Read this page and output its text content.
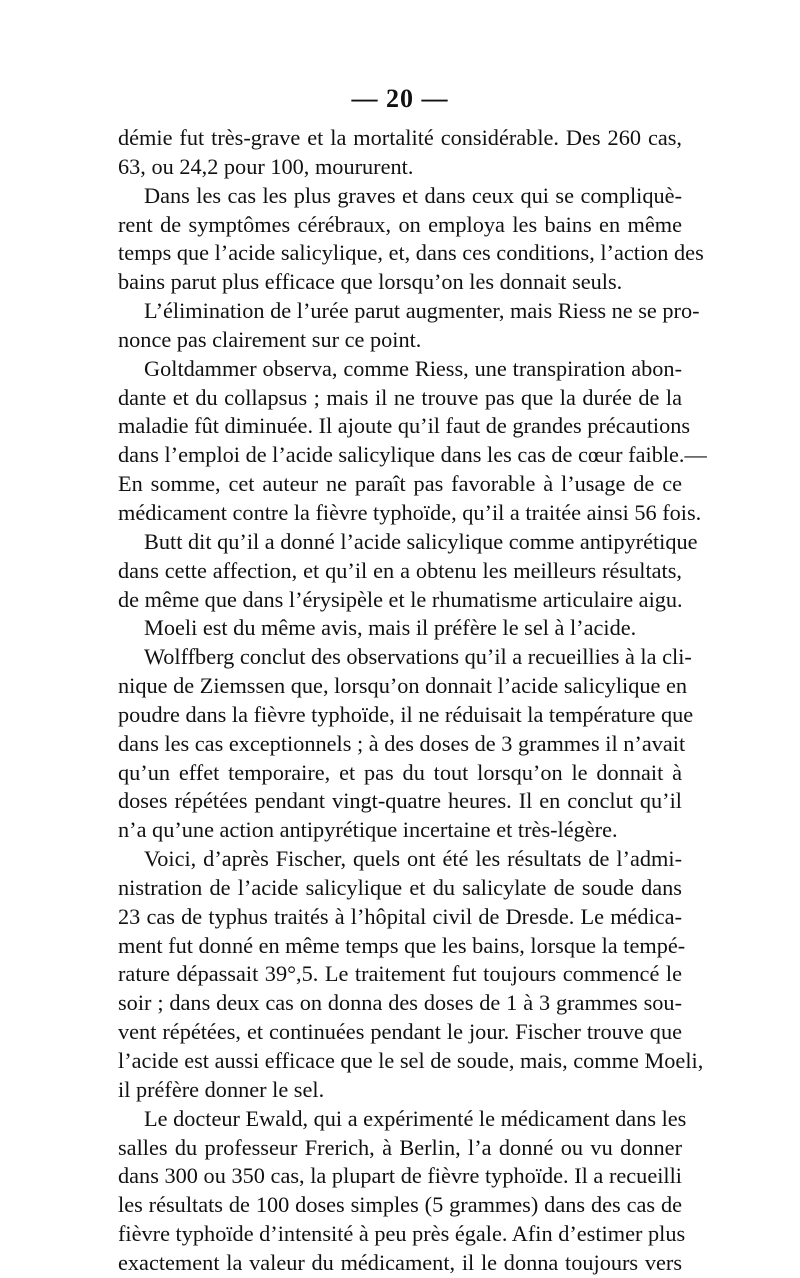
— 20 —
démie fut très-grave et la mortalité considérable. Des 260 cas,
63, ou 24,2 pour 100, moururent.
Dans les cas les plus graves et dans ceux qui se compliquè-
rent de symptômes cérébraux, on employa les bains en même
temps que l’acide salicylique, et, dans ces conditions, l’action des
bains parut plus efficace que lorsqu’on les donnait seuls.
L’élimination de l’urée parut augmenter, mais Riess ne se pro-
nonce pas clairement sur ce point.
Goltdammer observa, comme Riess, une transpiration abon-
dante et du collapsus ; mais il ne trouve pas que la durée de la
maladie fût diminuée. Il ajoute qu’il faut de grandes précautions
dans l’emploi de l’acide salicylique dans les cas de cœur faible.—
En somme, cet auteur ne paraît pas favorable à l’usage de ce
médicament contre la fièvre typhoïde, qu’il a traitée ainsi 56 fois.
Butt dit qu’il a donné l’acide salicylique comme antipyrétique
dans cette affection, et qu’il en a obtenu les meilleurs résultats,
de même que dans l’érysipèle et le rhumatisme articulaire aigu.
Moeli est du même avis, mais il préfère le sel à l’acide.
Wolffberg conclut des observations qu’il a recueillies à la cli-
nique de Ziemssen que, lorsqu’on donnait l’acide salicylique en
poudre dans la fièvre typhoïde, il ne réduisait la température que
dans les cas exceptionnels ; à des doses de 3 grammes il n’avait
qu’un effet temporaire, et pas du tout lorsqu’on le donnait à
doses répétées pendant vingt-quatre heures. Il en conclut qu’il
n’a qu’une action antipyrétique incertaine et très-légère.
Voici, d’après Fischer, quels ont été les résultats de l’admi-
nistration de l’acide salicylique et du salicylate de soude dans
23 cas de typhus traités à l’hôpital civil de Dresde. Le médica-
ment fut donné en même temps que les bains, lorsque la tempé-
rature dépassait 39°,5. Le traitement fut toujours commencé le
soir ; dans deux cas on donna des doses de 1 à 3 grammes sou-
vent répétées, et continuées pendant le jour. Fischer trouve que
l’acide est aussi efficace que le sel de soude, mais, comme Moeli,
il préfère donner le sel.
Le docteur Ewald, qui a expérimenté le médicament dans les
salles du professeur Frerich, à Berlin, l’a donné ou vu donner
dans 300 ou 350 cas, la plupart de fièvre typhoïde. Il a recueilli
les résultats de 100 doses simples (5 grammes) dans des cas de
fièvre typhoïde d’intensité à peu près égale. Afin d’estimer plus
exactement la valeur du médicament, il le donna toujours vers
